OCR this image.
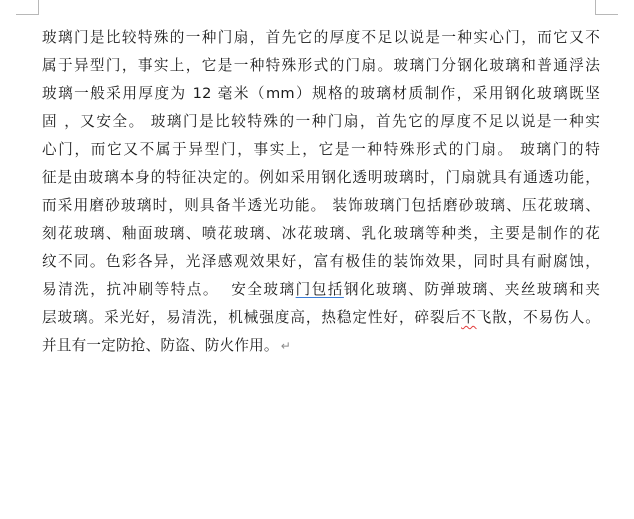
玻璃门是比较特殊的一种门扇，首先它的厚度不足以说是一种实心门，而它又不
属于异型门，事实上，它是一种特殊形式的门扇。玻璃门分钢化玻璃和普通浮法
玻璃一般采用厚度为 12 毫米（mm）规格的玻璃材质制作，采用钢化玻璃既坚
固 ，又安全。 玻璃门是比较特殊的一种门扇，首先它的厚度不足以说是一种实
心门，而它又不属于异型门，事实上，它是一种特殊形式的门扇。 玻璃门的特
征是由玻璃本身的特征决定的。例如采用钢化透明玻璃时，门扇就具有通透功能，
而采用磨砂玻璃时，则具备半透光功能。 装饰玻璃门包括磨砂玻璃、压花玻璃、
刻花玻璃、釉面玻璃、喷花玻璃、冰花玻璃、乳化玻璃等种类，主要是制作的花
纹不同。色彩各异，光泽感观效果好，富有极佳的装饰效果，同时具有耐腐蚀，
易清洗，抗冲刷等特点。  安全玻璃门包括钢化玻璃、防弹玻璃、夹丝玻璃和夹
层玻璃。采光好，易清洗，机械强度高，热稳定性好，碎裂后不飞散，不易伤人。
并且有一定防抢、防盗、防火作用。 ↵
